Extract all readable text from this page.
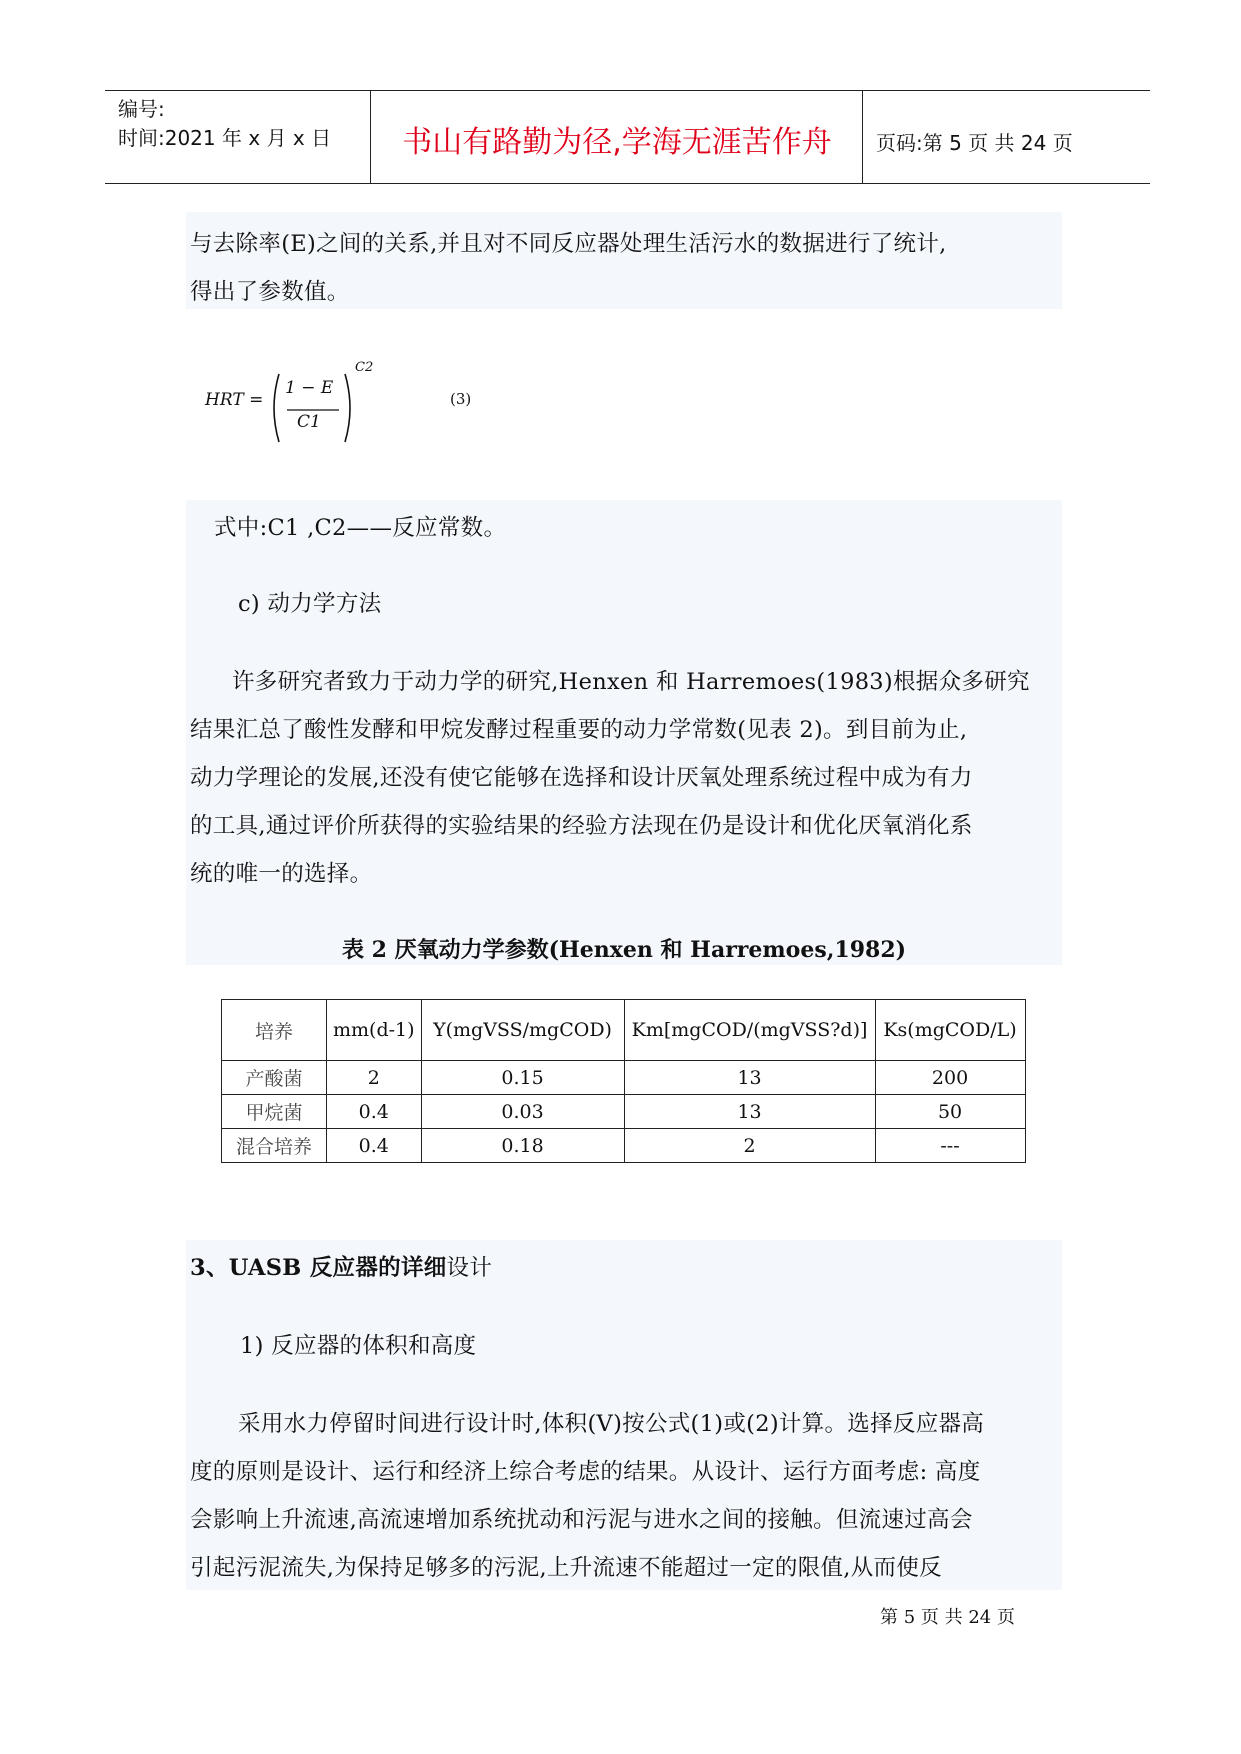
编号:
时间:2021 年 x 月 x 日	书山有路勤为径,学海无涯苦作舟	页码:第 5 页 共 24 页
与去除率(E)之间的关系,并且对不同反应器处理生活污水的数据进行了统计,
得出了参数值。
HRT =
1 − E
C1
C2
(3)
式中:C1 ,C2——反应常数。
c) 动力学方法
许多研究者致力于动力学的研究,Henxen 和 Harremoes(1983)根据众多研究
结果汇总了酸性发酵和甲烷发酵过程重要的动力学常数(见表 2)。到目前为止,
动力学理论的发展,还没有使它能够在选择和设计厌氧处理系统过程中成为有力
的工具,通过评价所获得的实验结果的经验方法现在仍是设计和优化厌氧消化系
统的唯一的选择。
表 2 厌氧动力学参数(Henxen 和 Harremoes,1982)
培养	mm(d-1)	Y(mgVSS/mgCOD)	Km[mgCOD/(mgVSS?d)]	Ks(mgCOD/L)
产酸菌	2	0.15	13	200
甲烷菌	0.4	0.03	13	50
混合培养	0.4	0.18	2	---
3、UASB 反应器的详细设计
1) 反应器的体积和高度
采用水力停留时间进行设计时,体积(V)按公式(1)或(2)计算。选择反应器高
度的原则是设计、运行和经济上综合考虑的结果。从设计、运行方面考虑: 高度
会影响上升流速,高流速增加系统扰动和污泥与进水之间的接触。但流速过高会
引起污泥流失,为保持足够多的污泥,上升流速不能超过一定的限值,从而使反
第 5 页 共 24 页
